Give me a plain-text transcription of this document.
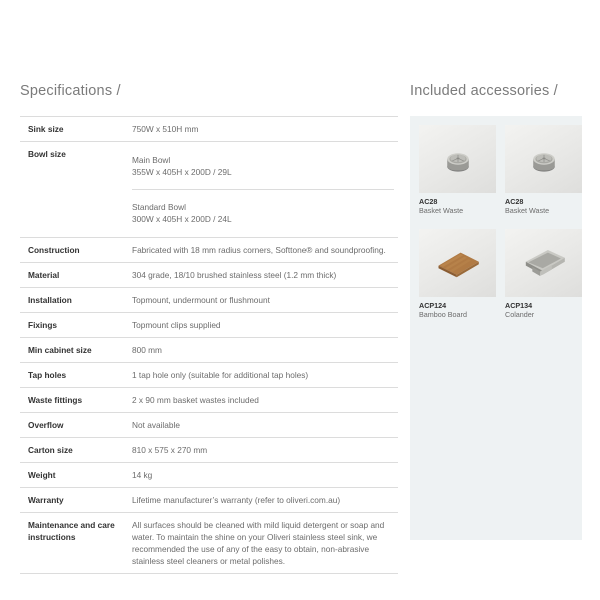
Specifications /
Sink size	750W x 510H mm
Bowl size	Main Bowl
355W x 405H x 200D / 29L
Standard Bowl
300W x 405H x 200D / 24L

Construction	Fabricated with 18 mm radius corners, Softtone® and soundproofing.
Material	304 grade, 18/10 brushed stainless steel (1.2 mm thick)
Installation	Topmount, undermount or flushmount
Fixings	Topmount clips supplied
Min cabinet size	800 mm
Tap holes	1 tap hole only (suitable for additional tap holes)
Waste fittings	2 x 90 mm basket wastes included
Overflow	Not available
Carton size	810 x 575 x 270 mm
Weight	14 kg
Warranty	Lifetime manufacturer’s warranty (refer to oliveri.com.au)
Maintenance and care instructions	All surfaces should be cleaned with mild liquid detergent or soap and water. To maintain the shine on your Oliveri stainless steel sink, we recommended the use of any of the easy to obtain, non-abrasive stainless steel cleaners or metal polishes.
Included accessories /
AC28
Basket Waste
AC28
Basket Waste
ACP124
Bamboo Board
ACP134
Colander
